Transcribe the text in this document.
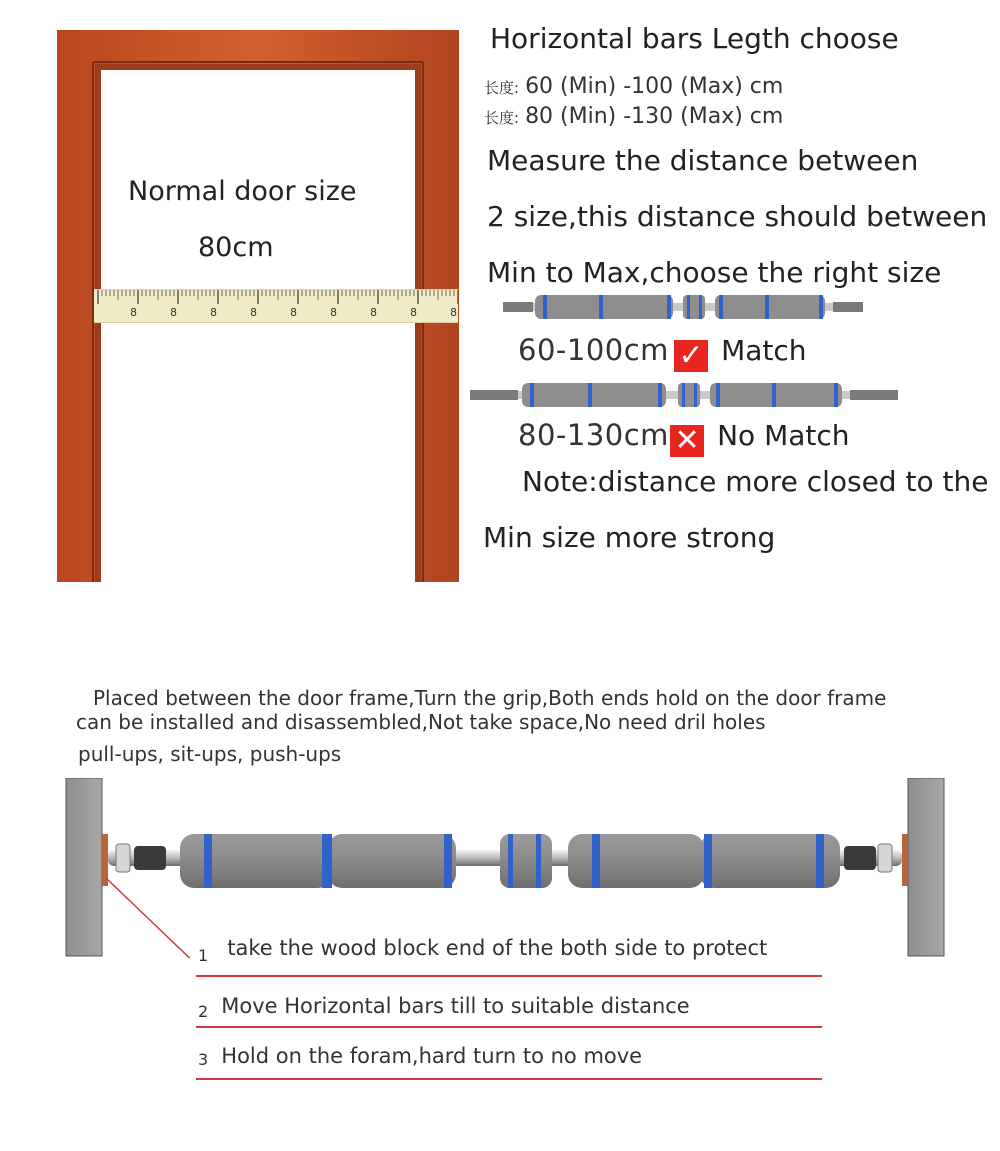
Normal door size
80cm
8	8	8	8	8	8	8	8	8
Horizontal bars Legth choose
长度: 60 (Min) -100 (Max) cm
长度: 80 (Min) -130 (Max) cm
Measure the distance between
2 size,this distance should between
Min to Max,choose the right size
60-100cm ✓ Match
80-130cm ✕ No Match
Note:distance more closed to the
Min size more strong
Placed between the door frame,Turn the grip,Both ends hold on the door frame
can be installed and disassembled,Not take space,No need dril holes
pull-ups, sit-ups, push-ups
1 take the wood block end of the both side to protect
2 Move Horizontal bars till to suitable distance
3 Hold on the foram,hard turn to no move
